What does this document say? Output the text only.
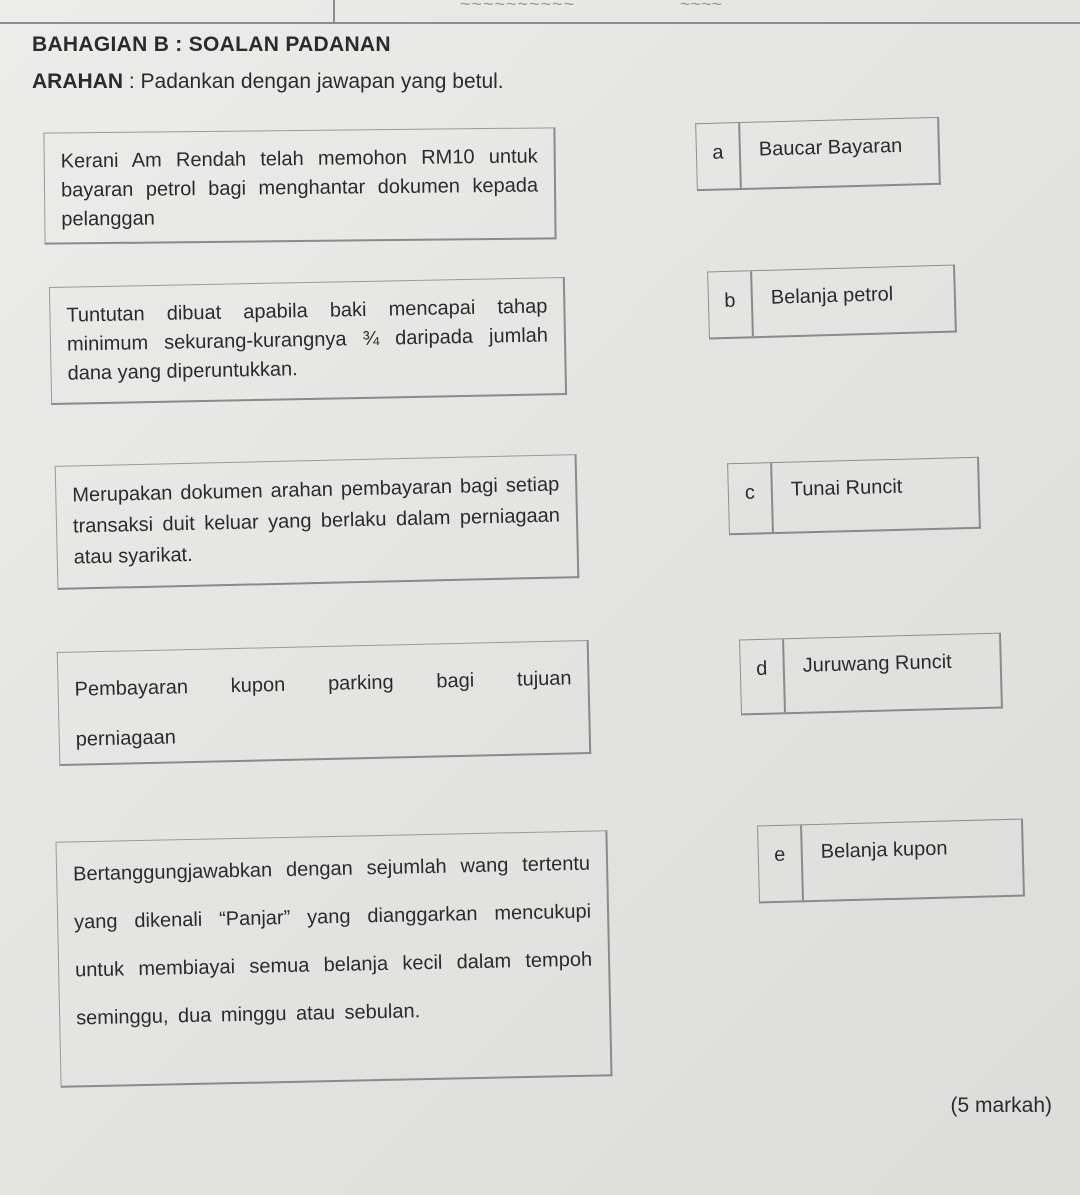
~~~~~~~~~~	~~~~
BAHAGIAN B : SOALAN PADANAN
ARAHAN : Padankan dengan jawapan yang betul.
Kerani Am Rendah telah memohon RM10 untuk bayaran petrol bagi menghantar dokumen kepada pelanggan
Tuntutan dibuat apabila baki mencapai tahap minimum sekurang-kurangnya ¾ daripada jumlah dana yang diperuntukkan.
Merupakan dokumen arahan pembayaran bagi setiap transaksi duit keluar yang berlaku dalam perniagaan atau syarikat.
Pembayaran kupon parking bagi tujuan perniagaan
Bertanggungjawabkan dengan sejumlah wang tertentu yang dikenali “Panjar” yang dianggarkan mencukupi untuk membiayai semua belanja kecil dalam tempoh seminggu, dua minggu atau sebulan.
a	Baucar Bayaran
b	Belanja petrol
c	Tunai Runcit
d	Juruwang Runcit
e	Belanja kupon
(5 markah)
